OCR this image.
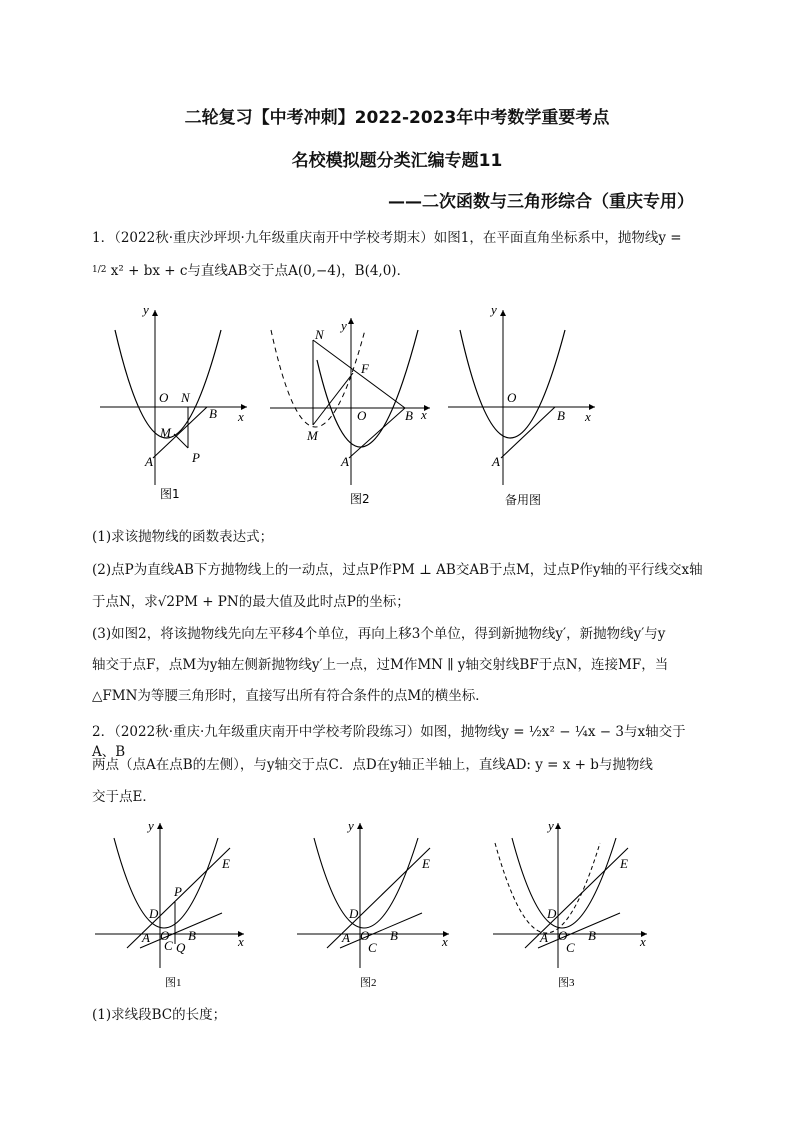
二轮复习【中考冲刺】2022-2023年中考数学重要考点
名校模拟题分类汇编专题11
——二次函数与三角形综合（重庆专用）
1．（2022秋·重庆沙坪坝·九年级重庆南开中学校考期末）如图1，在平面直角坐标系中，抛物线y =
$^{1/2}$ x² + bx + c与直线AB交于点A(0,−4)，B(4,0)．
y
x
O N
B
M
A	P
图1
y
x
O
N
F
B
M
A
图2
y
x
O
B
A
备用图
(1)求该抛物线的函数表达式；
(2)点P为直线AB下方抛物线上的一动点，过点P作PM ⊥ AB交AB于点M，过点P作y轴的平行线交x轴
于点N，求√2PM + PN的最大值及此时点P的坐标；
(3)如图2，将该抛物线先向左平移4个单位，再向上移3个单位，得到新抛物线y′，新抛物线y′与y
轴交于点F，点M为y轴左侧新抛物线y′上一点，过M作MN ∥ y轴交射线BF于点N，连接MF，当
△FMN为等腰三角形时，直接写出所有符合条件的点M的横坐标．
2．（2022秋·重庆·九年级重庆南开中学校考阶段练习）如图，抛物线y = ½x² − ¼x − 3与x轴交于A、B
两点（点A在点B的左侧），与y轴交于点C．点D在y轴正半轴上，直线AD: y = x + b与抛物线
交于点E．
y
x
E
P
D
A O
C Q
B
图1
y
x
E
D
A O
C
B
图2
y
x
E
D
A O
C
B
图3
(1)求线段BC的长度；
